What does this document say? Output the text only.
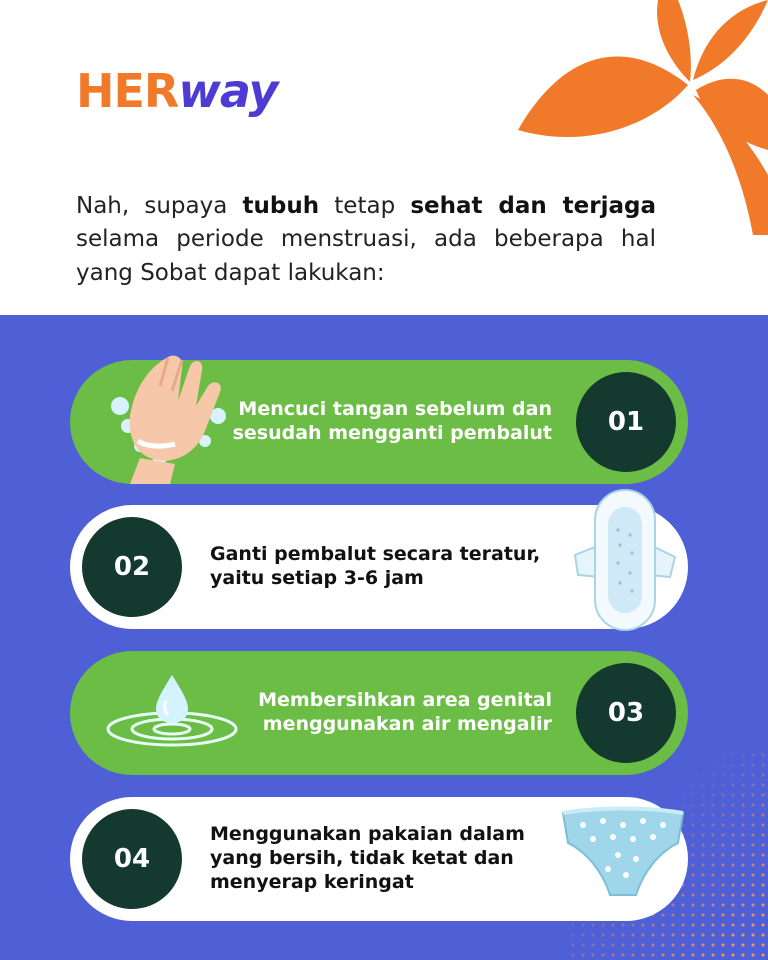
HERway
Nah, supaya tubuh tetap sehat dan terjaga selama periode menstruasi, ada beberapa hal yang Sobat dapat lakukan:
Mencuci tangan sebelum dan
sesudah mengganti pembalut	01
02	Ganti pembalut secara teratur,
yaitu setiap 3-6 jam
Membersihkan area genital
menggunakan air mengalir	03
04
Menggunakan pakaian dalam
yang bersih, tidak ketat dan
menyerap keringat
